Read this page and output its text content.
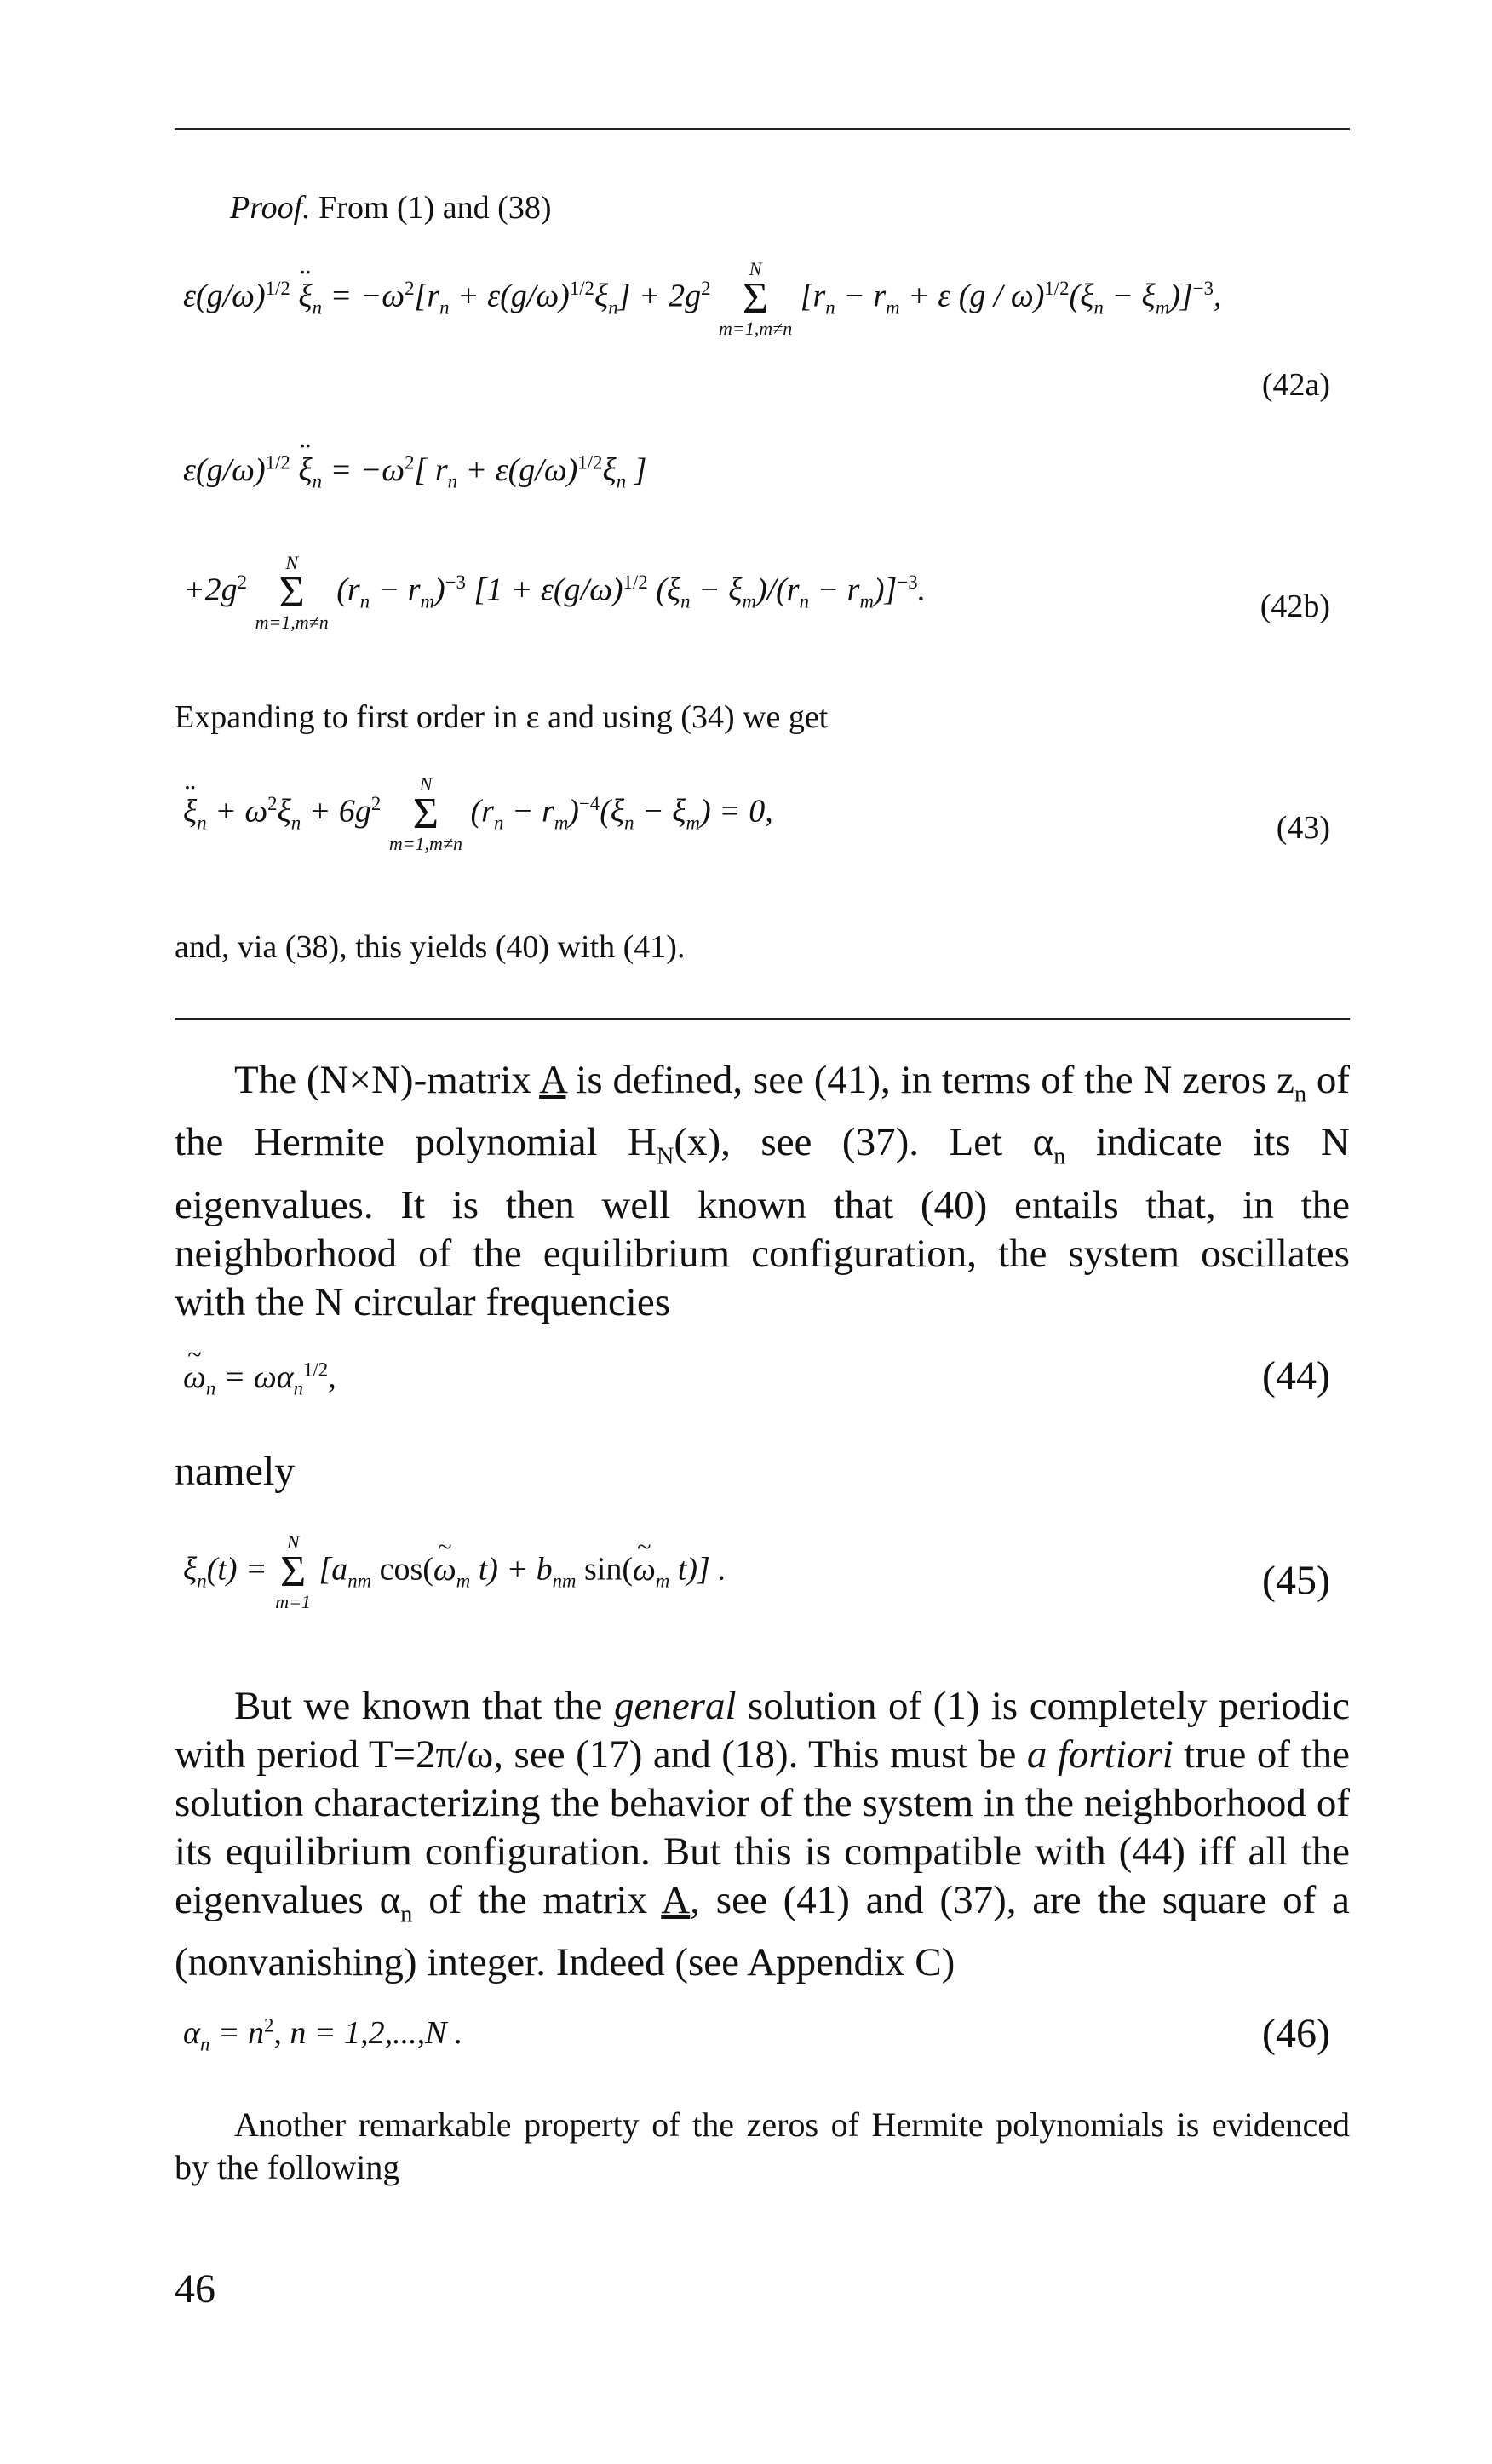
Proof. From (1) and (38)
$\varepsilon(g/\omega)^{1/2}$ ¨ $\xi_n = -\omega^2[r_n + \varepsilon(g/\omega)^{1/2}\xi_n] + 2g^2$
N
Σ
m=1,m≠n
[$r_n - r_m + \varepsilon$ $(g / \omega)^{1/2}(\xi_n - \xi_m)]^{-3}$,
(42a)
$\varepsilon(g/\omega)^{1/2}$ ¨ $\xi_n = -\omega^2$[ $r_n + \varepsilon(g/\omega)^{1/2}\xi_n$ ]
$+2g^2$
N
Σ
m=1,m≠n
$(r_n - r_m)^{-3}$ [$1 + \varepsilon(g/\omega)^{1/2}$ $(\xi_n - \xi_m)/(r_n - r_m)]^{-3}$.	(42b)
Expanding to first order in ε and using (34) we get
¨ $\xi_n + \omega^2\xi_n + 6g^2$
N
Σ
m=1,m≠n
$(r_n - r_m)^{-4}(\xi_n - \xi_m) = 0$,	(43)
and, via (38), this yields (40) with (41).
The (N×N)-matrix A is defined, see (41), in terms of the N zeros $z_n$ of the Hermite polynomial $H_N(x)$, see (37). Let $\alpha_n$ indicate its N eigenvalues. It is then well known that (40) entails that, in the neighborhood of the equilibrium configuration, the system oscillates with the N circular frequencies
~ $\omega_n = \omega\alpha_n^{1/2}$,	(44)
namely
$\xi_n(t)$ =
N
Σ
m=1
[$a_{nm}$ cos(~ $\omega_m$ $t) + b_{nm}$ sin(~ $\omega_m$ t)] .	(45)
But we known that the general solution of (1) is completely periodic with period T=2π/ω, see (17) and (18). This must be a fortiori true of the solution characterizing the behavior of the system in the neighborhood of its equilibrium configuration. But this is compatible with (44) iff all the eigenvalues $\alpha_n$ of the matrix A, see (41) and (37), are the square of a (nonvanishing) integer. Indeed (see Appendix C)
$\alpha_n = n^2$, n = 1,2,...,N .	(46)
Another remarkable property of the zeros of Hermite polynomials is evidenced by the following
46
